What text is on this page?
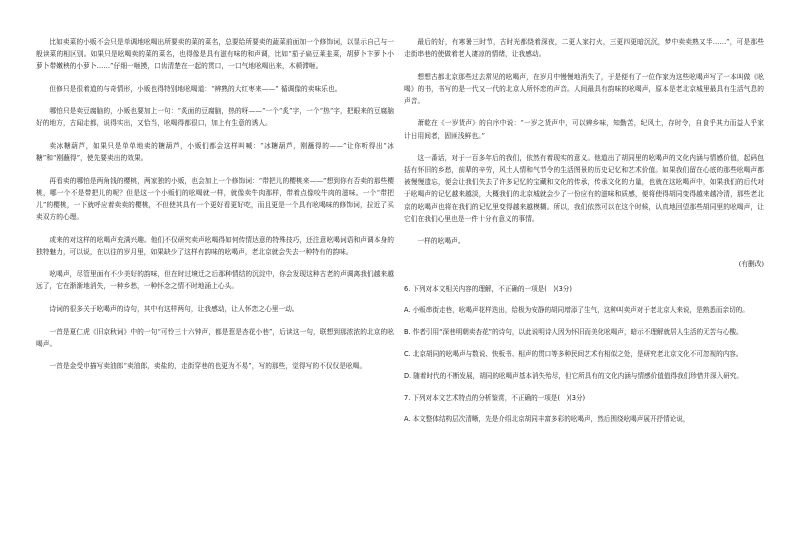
比如卖菜的小贩不会只是单调地吆喝出所要卖的菜的菜名，总要给所要卖的蔬菜前面加一个修饰词，以显示自己与一般读菜的相区别。如果只是吆喝卖的菜的菜名，也得像是具有滋有味的和声调，比如“茄子扁豆莱韭菜，胡萝卜卞萝卜小萝卜带嫩秧的小萝卜……”仔细一咂摸，口齿清楚在一起的贯口，一口气地吆喝出来，木顿滞咂。

但修只是很着道的与奇情形，小贩也得特别地吆喝道：“辨熟的大红枣来——” 循调像的卖味乐也。

哪怕只是卖豆腐脑的，小贩也要加上一句：“炙面的豆腐脑，热的呀——”一个“炙”字，一个“热”字，把眼来的豆腐脑好的地方，古闻走都，说得实出，又恰当，吆喝得都很口，加上有生意的诱人。

卖冰糖葫芦，如果只是单单地卖的糖葫芦，小贩们都会这样叫喊：“冰糖葫芦，刚蘸得的——”让你听得出“冰糖”和“刚蘸得”，使先要卖出的效果。

再看卖的哪怕是两角钱的樱桃，两家独的小贩，也会加上一个修饰词：“带把儿的樱桃来——”想到你有否卖的那些樱桃，哪一个不是带把儿的呢？但是这一个小贩们的吆喝就一样，就像卖牛肉那样，带着点像咬牛肉的滋味。一个“带把儿”的樱桃，一下就呼应着卖卖的樱桃，不但使其具有一个更好看更好吃，而且更是一个具有吆喝味的修饰词，拉近了买卖双方的心理。

或来的对这样的吆喝声充满兴趣。他们不仅研究卖声吆喝得如何传情达意的特殊技巧，还注意吆喝词语和声调本身的独特魅力，可以说，在以往的岁月里，如果缺少了这样有韵味的吆喝声，老北京就会失去一种特有的韵味。

吆喝声，尽管里面有不少美好的韵味，但在时过境迁之后那种情结的沉淀中，你会发现这种古老的声调离我们越来越远了，它在渐渐地消失，一种乡愁，一种怀念之情不时地涌上心头。

诗词的很多关于吆喝声的诗句，其中有这样两句，让我感动，让人怀恋之心里一动。

一首是夏仁虎《旧京秋词》中的一句“可怜三十六钟声，都是惹是杏花小巷”，后读这一句，联想到那浓浓的北京的吆喝声。

一首是金受申描写卖油郎“卖油郎，卖盐的，走街穿巷的也更为不易”，写的那些，觉得写的不仅仅是吆喝。

最后的好，有寒暑三时节，古时光都绕着深夜，二更人家打火，三更四更暗沉沉，梦中卖卖熟又半……”，可是那些走街串巷的使做着老人凄凉的情绪，让我感动。

想想古都北京那些过去常见的吆喝声，在岁月中慢慢地消失了，于是便有了一位作家为这些吆喝声写了一本叫做《吆喝》的书，书写的是一代又一代的北京人所怀恋的声音。人间最具有韵味的吆喝声，原本是老北京城里最具有生活气息的声音。

萧乾在《一岁货声》的自序中说：“一岁之货声中，可以辨乡味，知勤苦，纪风土，存时令，自食乎其力而益人乎家计日用间者，固匪浅鲜也。”

这一番话，对于一百多年后的我们，依然有着现实的意义。他道出了胡同里的吆喝声的文化内涵与情感价值，起码包括有怀旧的乡愁，前辈的辛劳，风土人情和气节令的生活图景的历史记忆和艺术价值。如果我们留在心底的那些吆喝声都被慢慢遗忘，便会让我们失去了许多记忆的宝藏和文化的传承，传承文化的力量，也就在这吆喝声中，如果我们的后代对于吆喝声的记忆越来越淡，大概我们的北京城就会少了一份应有的滋味和质感，便将使得胡同变得越来越冷清，那些老北京的吆喝声也将在我们的记忆里变得越来越模糊。所以，我们依然可以在这个时候，认真地回望那些胡同里的吆喝声，让它们在我们心里也是一件十分有意义的事情。

一样的吆喝声。

(有删改)

6. 下列对本文相关内容的理解，不正确的一项是(　)(3分)

A. 小贩串街走巷，吆喝声花样迭出，给极为安静的胡同增添了生气，这种叫卖声对于老北京人来说，是熟悉而亲切的。

B. 作者引用“深巷明朝卖杏花”的诗句，以此说明诗人因为怀旧而美化吆喝声，暗示不理解就居人生活的无苦与心酸。

C. 北京胡同的吆喝声与数说、快板书、相声的贯口等多种民间艺术有相似之处，是研究老北京文化不可忽视的内容。

D. 随着时代的不断发展，胡同的吆喝声基本消失殆尽，但它所具有的文化内涵与情感价值值得我们珍惜并深入研究。

7. 下列对本文艺术特点的分析鉴赏，不正确的一项是(　)(3分)

A. 本文整体结构层次清晰，先是介绍北京胡同丰富多彩的吆喝声，然后围绕吆喝声展开抒情论说，
